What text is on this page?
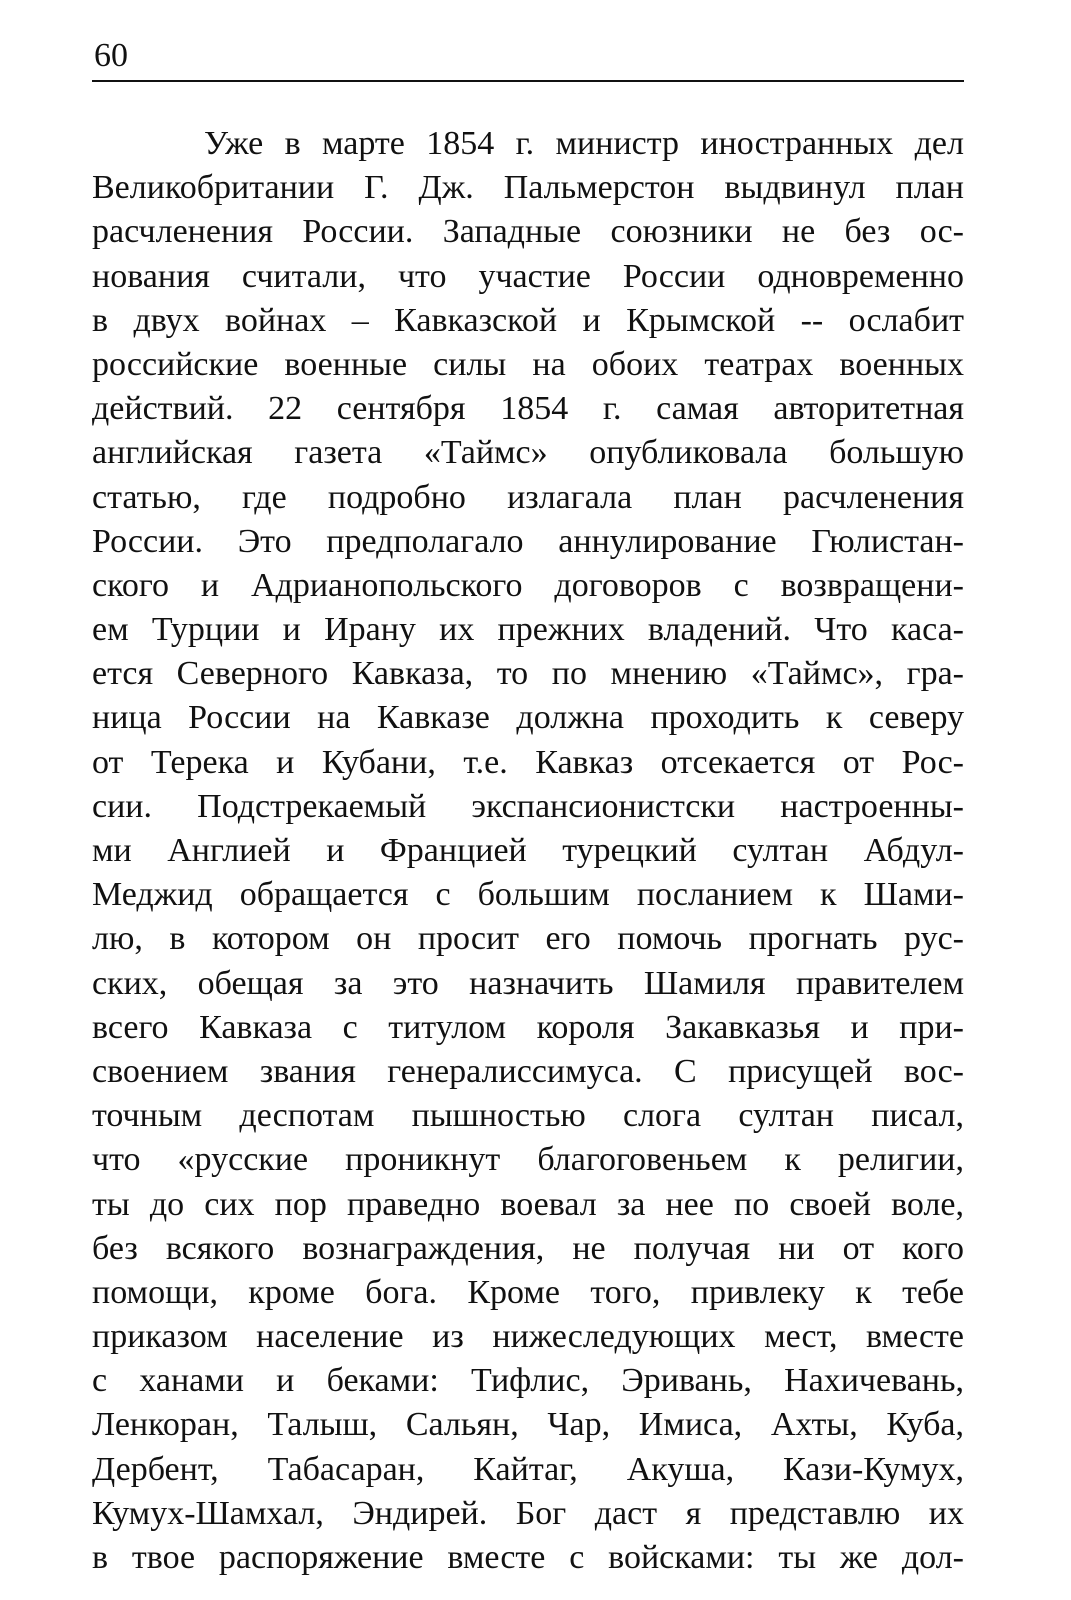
60
Уже в марте 1854 г. министр иностранных дел
Великобритании Г. Дж. Пальмерстон выдвинул план
расчленения России. Западные союзники не без ос-
нования считали, что участие России одновременно
в двух войнах – Кавказской и Крымской -- ослабит
российские военные силы на обоих театрах военных
действий. 22 сентября 1854 г. самая авторитетная
английская газета «Таймс» опубликовала большую
статью, где подробно излагала план расчленения
России. Это предполагало аннулирование Гюлистан-
ского и Адрианопольского договоров с возвращени-
ем Турции и Ирану их прежних владений. Что каса-
ется Северного Кавказа, то по мнению «Таймс», гра-
ница России на Кавказе должна проходить к северу
от Терека и Кубани, т.е. Кавказ отсекается от Рос-
сии. Подстрекаемый экспансионистски настроенны-
ми Англией и Францией турецкий султан Абдул-
Меджид обращается с большим посланием к Шами-
лю, в котором он просит его помочь прогнать рус-
ских, обещая за это назначить Шамиля правителем
всего Кавказа с титулом короля Закавказья и при-
своением звания генералиссимуса. С присущей вос-
точным деспотам пышностью слога султан писал,
что «русские проникнут благоговеньем к религии,
ты до сих пор праведно воевал за нее по своей воле,
без всякого вознаграждения, не получая ни от кого
помощи, кроме бога. Кроме того, привлеку к тебе
приказом население из нижеследующих мест, вместе
с ханами и беками: Тифлис, Эривань, Нахичевань,
Ленкоран, Талыш, Сальян, Чар, Имиса, Ахты, Куба,
Дербент, Табасаран, Кайтаг, Акуша, Кази-Кумух,
Кумух-Шамхал, Эндирей. Бог даст я представлю их
в твое распоряжение вместе с войсками: ты же дол-
